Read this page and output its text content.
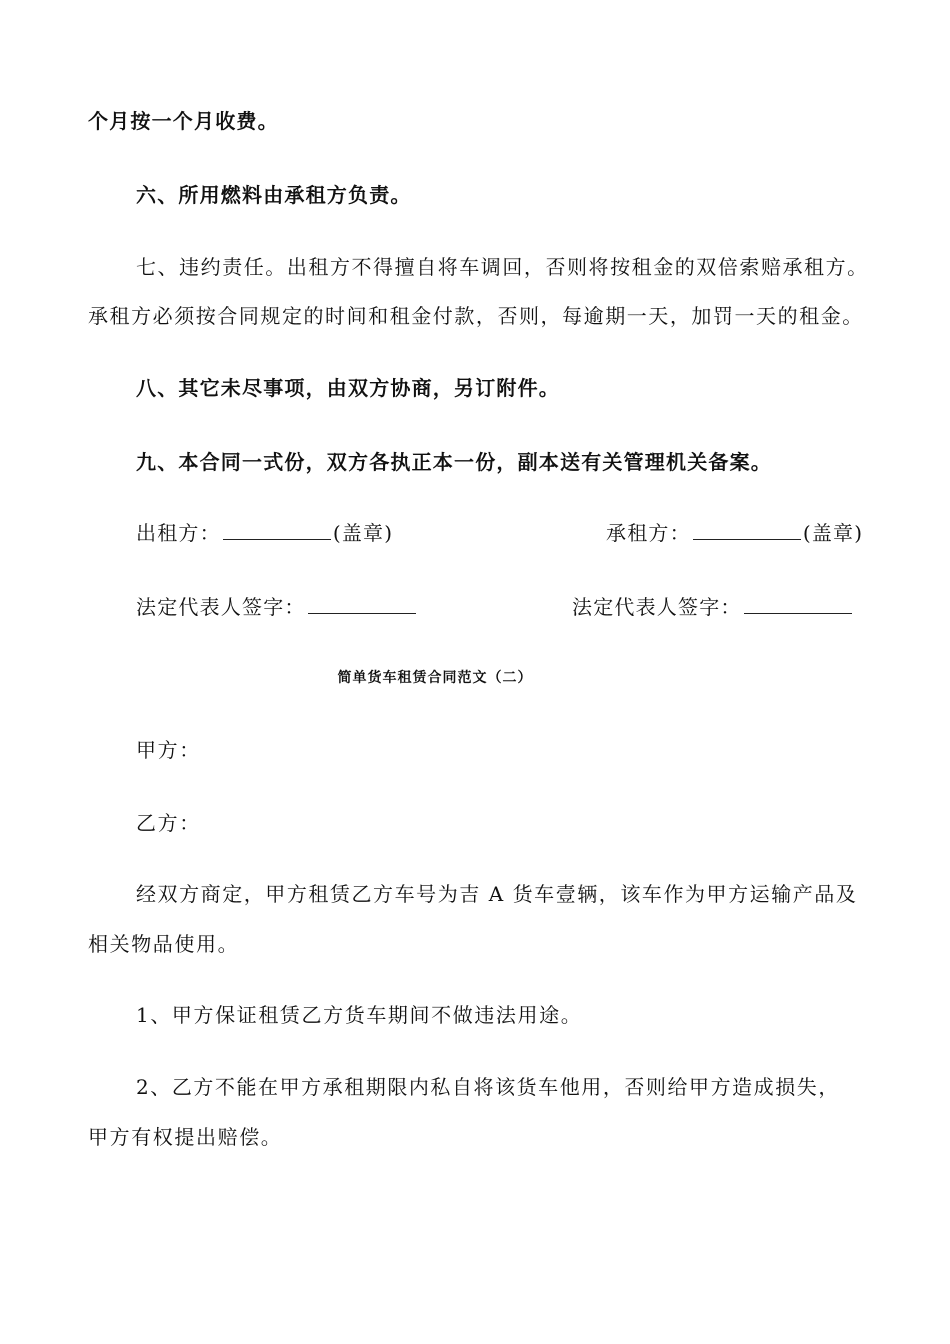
个月按一个月收费。
六、所用燃料由承租方负责。
七、违约责任。出租方不得擅自将车调回，否则将按租金的双倍索赔承租方。
承租方必须按合同规定的时间和租金付款，否则，每逾期一天，加罚一天的租金。
八、其它未尽事项，由双方协商，另订附件。
九、本合同一式份，双方各执正本一份，副本送有关管理机关备案。
出租方：	(盖章)	承租方：	(盖章)
法定代表人签字：	法定代表人签字：
简单货车租赁合同范文（二）
甲方：
乙方：
经双方商定，甲方租赁乙方车号为吉 A 货车壹辆，该车作为甲方运输产品及
相关物品使用。
1、甲方保证租赁乙方货车期间不做违法用途。
2、乙方不能在甲方承租期限内私自将该货车他用，否则给甲方造成损失，
甲方有权提出赔偿。
